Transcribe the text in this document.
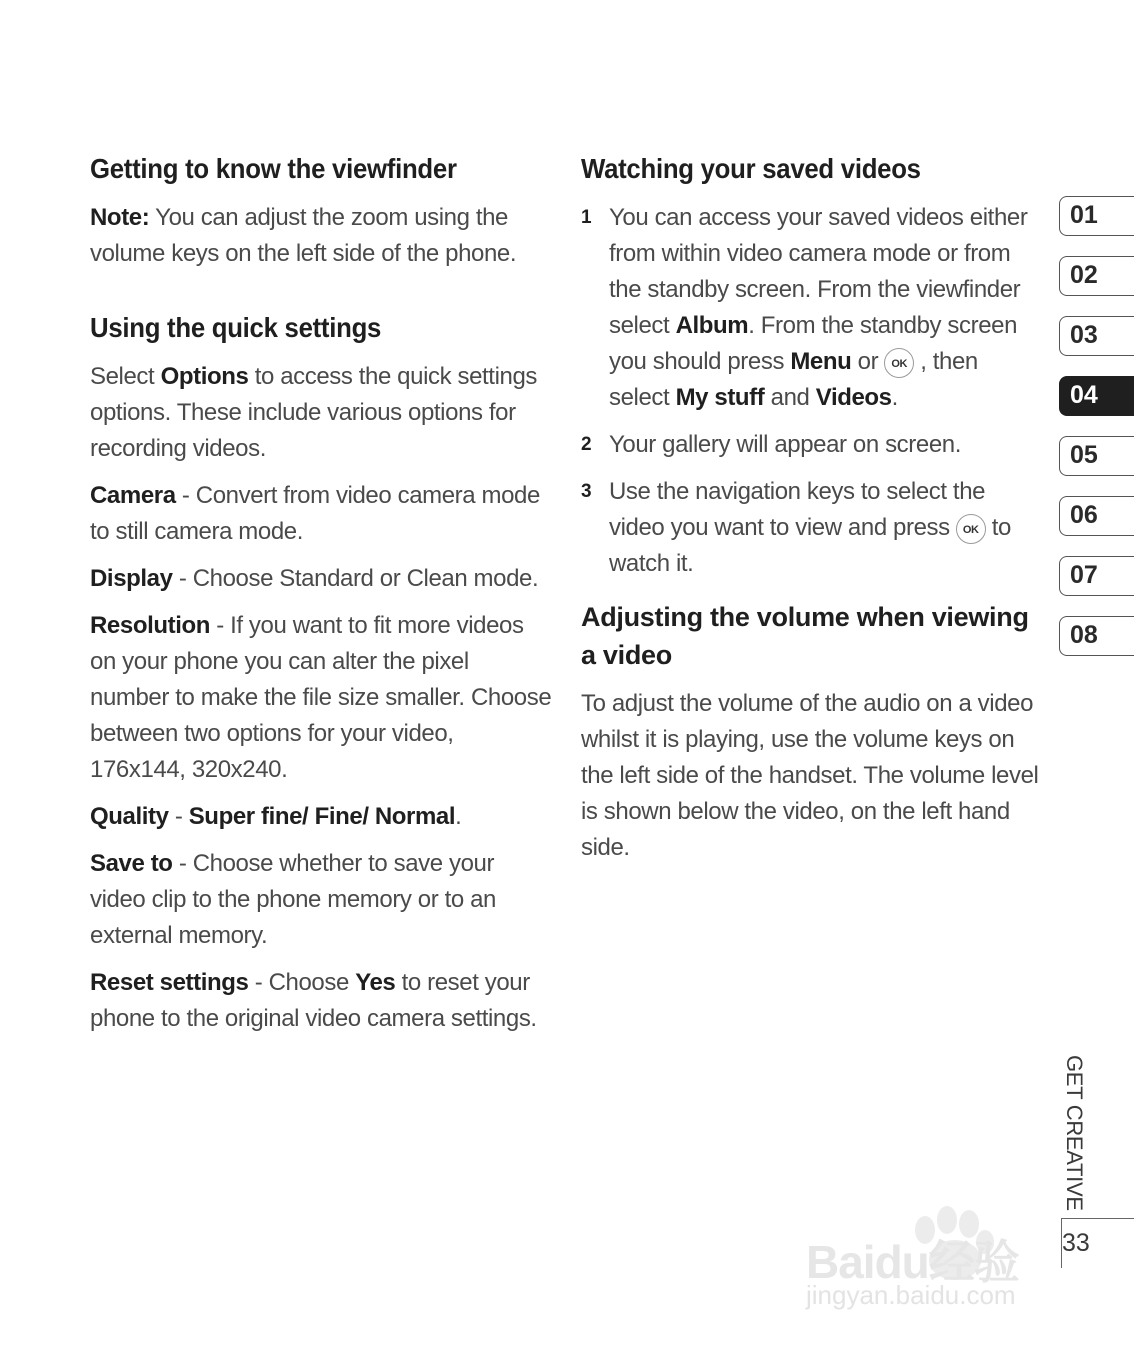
Getting to know the viewfinder

Note: You can adjust the zoom using the volume keys on the left side of the phone.

Using the quick settings

Select Options to access the quick settings options. These include various options for recording videos.

Camera - Convert from video camera mode to still camera mode.

Display - Choose Standard or Clean mode.

Resolution - If you want to fit more videos on your phone you can alter the pixel number to make the file size smaller. Choose between two options for your video, 176x144, 320x240.

Quality - Super fine/ Fine/ Normal.

Save to - Choose whether to save your video clip to the phone memory or to an external memory.

Reset settings - Choose Yes to reset your phone to the original video camera settings.

Watching your saved videos
1 You can access your saved videos either from within video camera mode or from the standby screen. From the viewfinder select Album. From the standby screen you should press Menu or OK , then select My stuff and Videos.
2 Your gallery will appear on screen.
3 Use the navigation keys to select the video you want to view and press OK to watch it.
Adjusting the volume when viewing a video

To adjust the volume of the audio on a video whilst it is playing, use the volume keys on the left side of the handset. The volume level is shown below the video, on the left hand side.

01
02
03
04
05
06
07
08
GET CREATIVE
33
Baidu经验
jingyan.baidu.com
